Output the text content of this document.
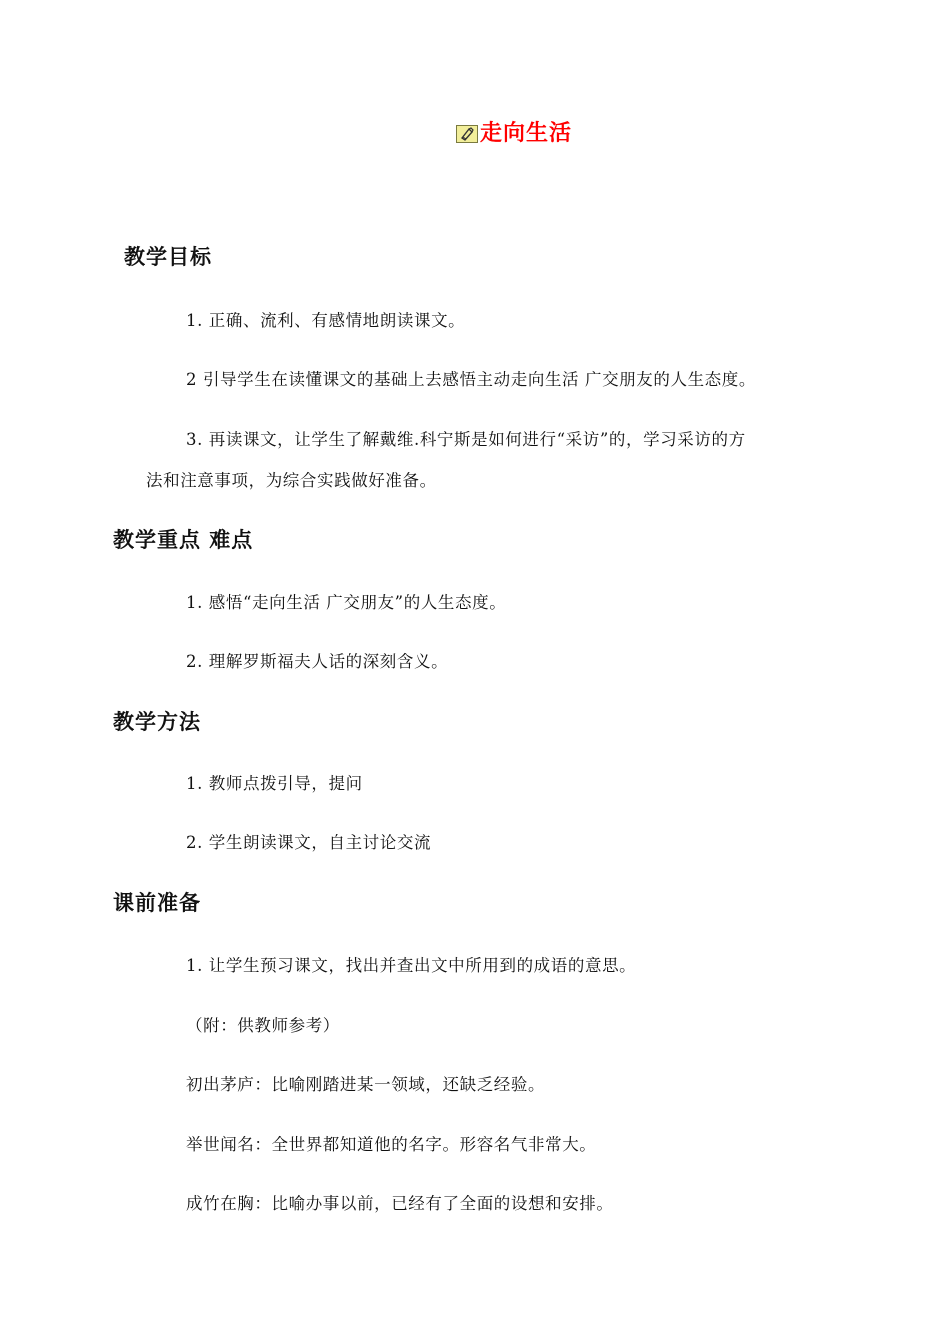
走向生活
教学目标
1. 正确、流利、有感情地朗读课文。
2 引导学生在读懂课文的基础上去感悟主动走向生活 广交朋友的人生态度。
3. 再读课文，让学生了解戴维.科宁斯是如何进行“采访”的，学习采访的方
法和注意事项，为综合实践做好准备。
教学重点 难点
1. 感悟“走向生活 广交朋友”的人生态度。
2. 理解罗斯福夫人话的深刻含义。
教学方法
1. 教师点拨引导，提问
2. 学生朗读课文，自主讨论交流
课前准备
1. 让学生预习课文，找出并查出文中所用到的成语的意思。
（附：供教师参考）
初出茅庐：比喻刚踏进某一领域，还缺乏经验。
举世闻名：全世界都知道他的名字。形容名气非常大。
成竹在胸：比喻办事以前，已经有了全面的设想和安排。
